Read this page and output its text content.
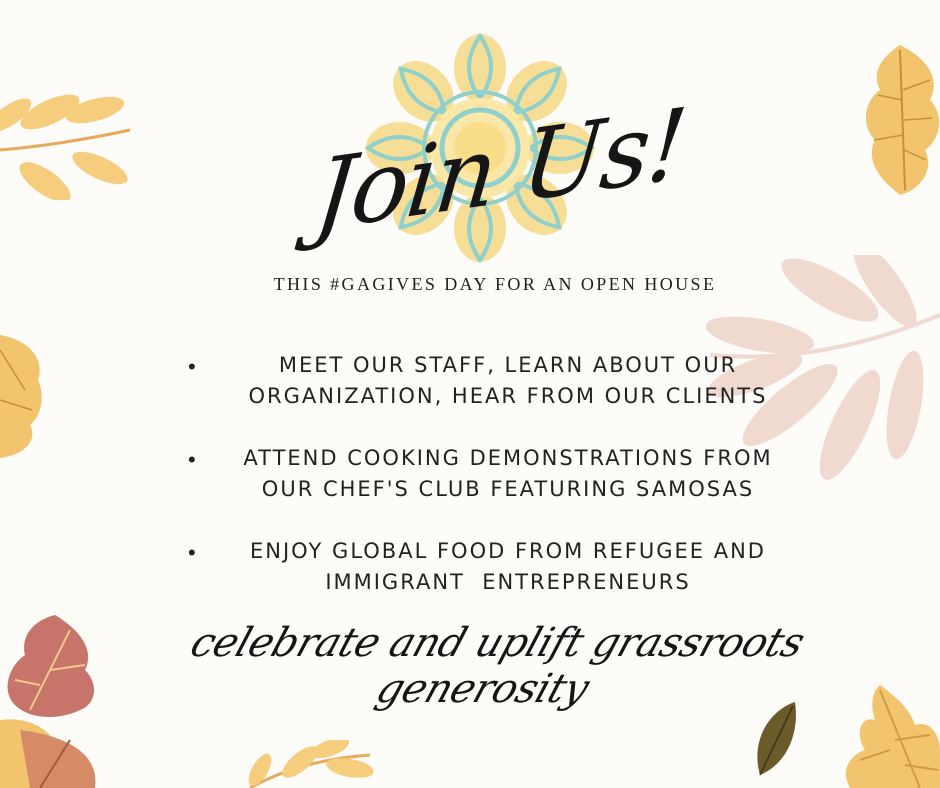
Join Us!
THIS #GAGIVES DAY FOR AN OPEN HOUSE
•	MEET OUR STAFF, LEARN ABOUT OUR
ORGANIZATION, HEAR FROM OUR CLIENTS
•	ATTEND COOKING DEMONSTRATIONS FROM
OUR CHEF'S CLUB FEATURING SAMOSAS
•	ENJOY GLOBAL FOOD FROM REFUGEE AND
IMMIGRANT  ENTREPRENEURS
celebrate and uplift grassroots generosity
